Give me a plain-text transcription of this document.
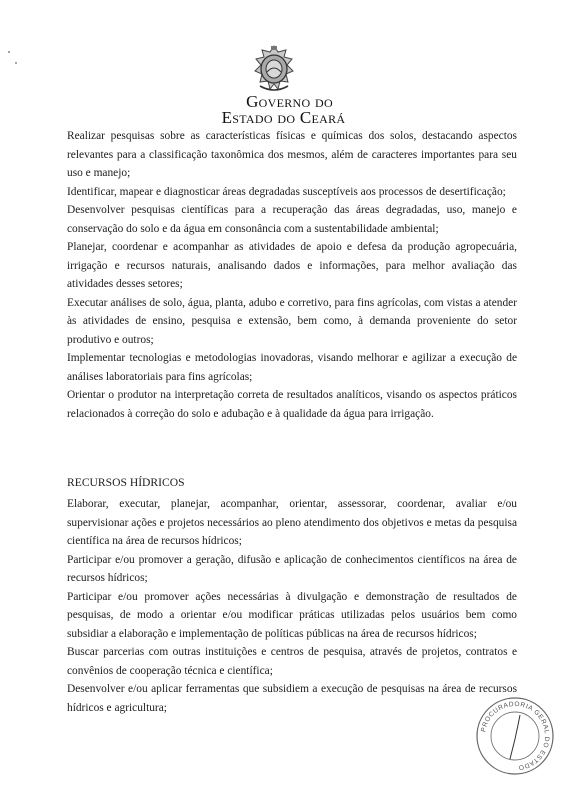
Governo do
Estado do Ceará

Realizar pesquisas sobre as características físicas e químicas dos solos, destacando aspectos relevantes para a classificação taxonômica dos mesmos, além de caracteres importantes para seu uso e manejo;

Identificar, mapear e diagnosticar áreas degradadas susceptíveis aos processos de desertificação;

Desenvolver pesquisas científicas para a recuperação das áreas degradadas, uso, manejo e conservação do solo e da água em consonância com a sustentabilidade ambiental;

Planejar, coordenar e acompanhar as atividades de apoio e defesa da produção agropecuária, irrigação e recursos naturais, analisando dados e informações, para melhor avaliação das atividades desses setores;

Executar análises de solo, água, planta, adubo e corretivo, para fins agrícolas, com vistas a atender às atividades de ensino, pesquisa e extensão, bem como, à demanda proveniente do setor produtivo e outros;

Implementar tecnologias e metodologias inovadoras, visando melhorar e agilizar a execução de análises laboratoriais para fins agrícolas;

Orientar o produtor na interpretação correta de resultados analíticos, visando os aspectos práticos relacionados à correção do solo e adubação e à qualidade da água para irrigação.

RECURSOS HÍDRICOS

Elaborar, executar, planejar, acompanhar, orientar, assessorar, coordenar, avaliar e/ou supervisionar ações e projetos necessários ao pleno atendimento dos objetivos e metas da pesquisa científica na área de recursos hídricos;

Participar e/ou promover a geração, difusão e aplicação de conhecimentos científicos na área de recursos hídricos;

Participar e/ou promover ações necessárias à divulgação e demonstração de resultados de pesquisas, de modo a orientar e/ou modificar práticas utilizadas pelos usuários bem como subsidiar a elaboração e implementação de políticas públicas na área de recursos hídricos;

Buscar parcerias com outras instituições e centros de pesquisa, através de projetos, contratos e convênios de cooperação técnica e científica;

Desenvolver e/ou aplicar ferramentas que subsidiem a execução de pesquisas na área de recursos hídricos e agricultura;

PROCURADORIA GERAL DO ESTADO
